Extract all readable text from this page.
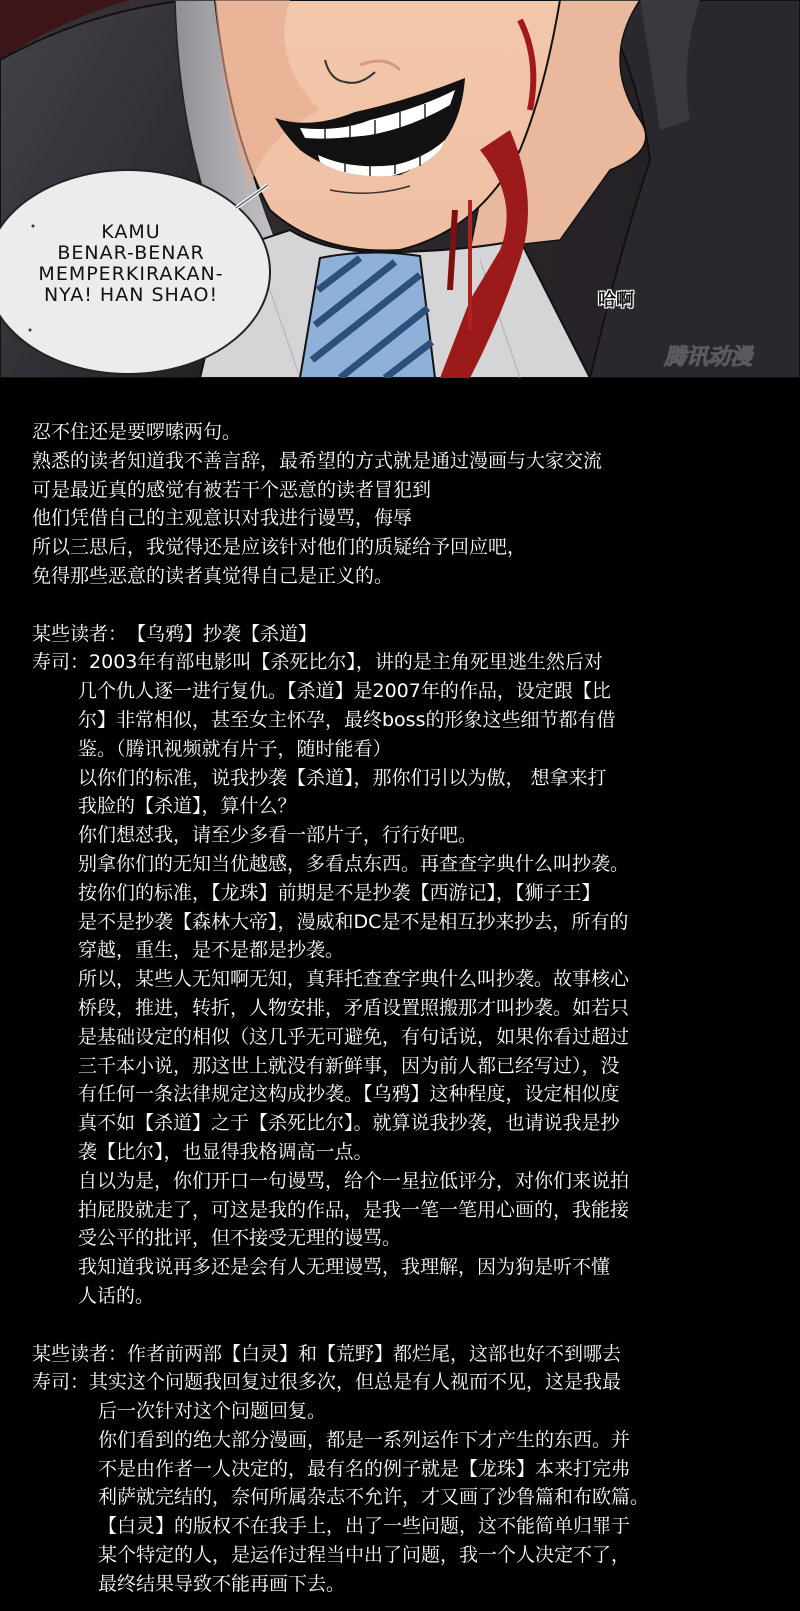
KAMU
BENAR-BENAR
MEMPERKIRAKAN-
NYA! HAN SHAO!	哈啊
腾讯动漫
忍不住还是要啰嗦两句。
熟悉的读者知道我不善言辞，最希望的方式就是通过漫画与大家交流
可是最近真的感觉有被若干个恶意的读者冒犯到
他们凭借自己的主观意识对我进行谩骂，侮辱
所以三思后，我觉得还是应该针对他们的质疑给予回应吧，
免得那些恶意的读者真觉得自己是正义的。
某些读者： 【乌鸦】抄袭【杀道】
寿司： 2003年有部电影叫【杀死比尔】，讲的是主角死里逃生然后对
几个仇人逐一进行复仇。【杀道】是2007年的作品，设定跟【比
尔】非常相似，甚至女主怀孕，最终boss的形象这些细节都有借
鉴。（腾讯视频就有片子，随时能看）
以你们的标准，说我抄袭【杀道】，那你们引以为傲， 想拿来打
我脸的【杀道】，算什么？
你们想怼我，请至少多看一部片子，行行好吧。
别拿你们的无知当优越感，多看点东西。再查查字典什么叫抄袭。
按你们的标准，【龙珠】前期是不是抄袭【西游记】，【狮子王】
是不是抄袭【森林大帝】，漫威和DC是不是相互抄来抄去，所有的
穿越，重生，是不是都是抄袭。
所以，某些人无知啊无知，真拜托查查字典什么叫抄袭。故事核心
桥段，推进，转折，人物安排，矛盾设置照搬那才叫抄袭。如若只
是基础设定的相似（这几乎无可避免，有句话说，如果你看过超过
三千本小说，那这世上就没有新鲜事，因为前人都已经写过），没
有任何一条法律规定这构成抄袭。【乌鸦】这种程度，设定相似度
真不如【杀道】之于【杀死比尔】。就算说我抄袭，也请说我是抄
袭【比尔】，也显得我格调高一点。
自以为是，你们开口一句谩骂，给个一星拉低评分，对你们来说拍
拍屁股就走了，可这是我的作品，是我一笔一笔用心画的，我能接
受公平的批评，但不接受无理的谩骂。
我知道我说再多还是会有人无理谩骂，我理解，因为狗是听不懂
人话的。
某些读者： 作者前两部【白灵】和【荒野】都烂尾，这部也好不到哪去
寿司： 其实这个问题我回复过很多次，但总是有人视而不见，这是我最
后一次针对这个问题回复。
你们看到的绝大部分漫画，都是一系列运作下才产生的东西。并
不是由作者一人决定的，最有名的例子就是【龙珠】本来打完弗
利萨就完结的，奈何所属杂志不允许，才又画了沙鲁篇和布欧篇。
【白灵】的版权不在我手上，出了一些问题，这不能简单归罪于
某个特定的人，是运作过程当中出了问题，我一个人决定不了，
最终结果导致不能再画下去。
